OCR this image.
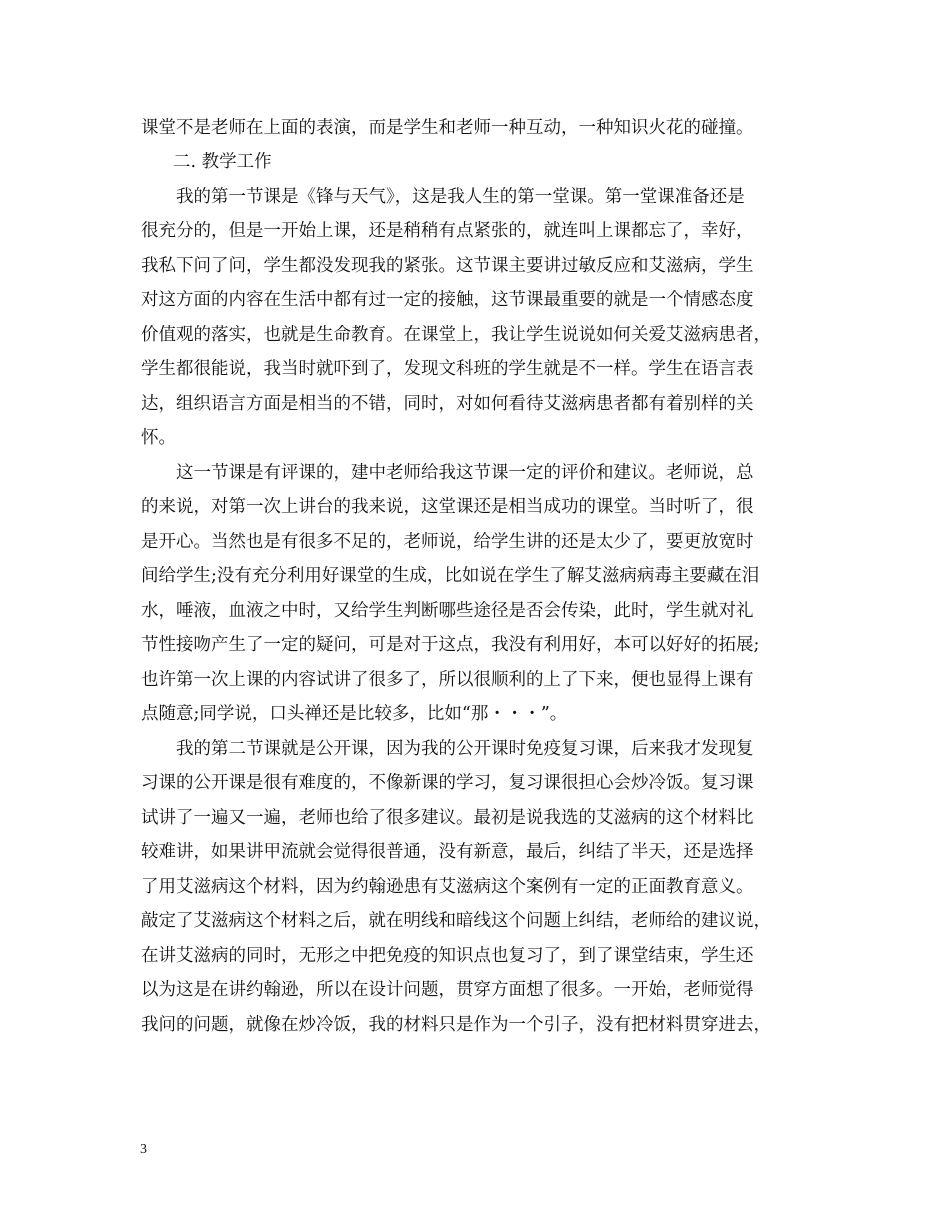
课堂不是老师在上面的表演，而是学生和老师一种互动，一种知识火花的碰撞。
二. 教学工作
我的第一节课是《锋与天气》，这是我人生的第一堂课。第一堂课准备还是
很充分的，但是一开始上课，还是稍稍有点紧张的，就连叫上课都忘了，幸好，
我私下问了问，学生都没发现我的紧张。这节课主要讲过敏反应和艾滋病，学生
对这方面的内容在生活中都有过一定的接触，这节课最重要的就是一个情感态度
价值观的落实，也就是生命教育。在课堂上，我让学生说说如何关爱艾滋病患者，
学生都很能说，我当时就吓到了，发现文科班的学生就是不一样。学生在语言表
达，组织语言方面是相当的不错，同时，对如何看待艾滋病患者都有着别样的关
怀。
这一节课是有评课的，建中老师给我这节课一定的评价和建议。老师说，总
的来说，对第一次上讲台的我来说，这堂课还是相当成功的课堂。当时听了，很
是开心。当然也是有很多不足的，老师说，给学生讲的还是太少了，要更放宽时
间给学生;没有充分利用好课堂的生成，比如说在学生了解艾滋病病毒主要藏在泪
水，唾液，血液之中时，又给学生判断哪些途径是否会传染，此时，学生就对礼
节性接吻产生了一定的疑问，可是对于这点，我没有利用好，本可以好好的拓展;
也许第一次上课的内容试讲了很多了，所以很顺利的上了下来，便也显得上课有
点随意;同学说，口头禅还是比较多，比如“那・・・”。
我的第二节课就是公开课，因为我的公开课时免疫复习课，后来我才发现复
习课的公开课是很有难度的，不像新课的学习，复习课很担心会炒冷饭。复习课
试讲了一遍又一遍，老师也给了很多建议。最初是说我选的艾滋病的这个材料比
较难讲，如果讲甲流就会觉得很普通，没有新意，最后，纠结了半天，还是选择
了用艾滋病这个材料，因为约翰逊患有艾滋病这个案例有一定的正面教育意义。
敲定了艾滋病这个材料之后，就在明线和暗线这个问题上纠结，老师给的建议说，
在讲艾滋病的同时，无形之中把免疫的知识点也复习了，到了课堂结束，学生还
以为这是在讲约翰逊，所以在设计问题，贯穿方面想了很多。一开始，老师觉得
我问的问题，就像在炒冷饭，我的材料只是作为一个引子，没有把材料贯穿进去，
3
